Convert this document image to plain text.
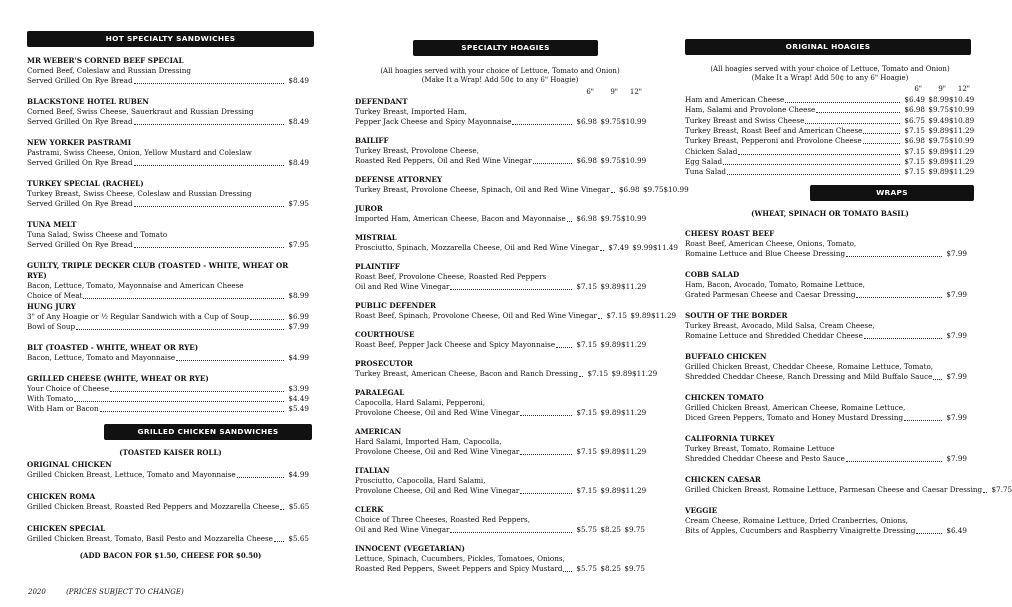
HOT SPECIALTY SANDWICHES
MR WEBER'S CORNED BEEF SPECIAL
Corned Beef, Coleslaw and Russian Dressing
Served Grilled On Rye Bread	$8.49
BLACKSTONE HOTEL RUBEN
Corned Beef, Swiss Cheese, Sauerkraut and Russian Dressing
Served Grilled On Rye Bread	$8.49
NEW YORKER PASTRAMI
Pastrami, Swiss Cheese, Onion, Yellow Mustard and Coleslaw
Served Grilled On Rye Bread	$8.49
TURKEY SPECIAL (RACHEL)
Turkey Breast, Swiss Cheese, Coleslaw and Russian Dressing
Served Grilled On Rye Bread	$7.95
TUNA MELT
Tuna Salad, Swiss Cheese and Tomato
Served Grilled On Rye Bread	$7.95
GUILTY, TRIPLE DECKER CLUB (TOASTED - WHITE, WHEAT OR RYE)
Bacon, Lettuce, Tomato, Mayonnaise and American Cheese
Choice of Meat	$8.99
HUNG JURY
3" of Any Hoagie or ½ Regular Sandwich with a Cup of Soup	$6.99
Bowl of Soup	$7.99
BLT (TOASTED - WHITE, WHEAT OR RYE)
Bacon, Lettuce, Tomato and Mayonnaise	$4.99
GRILLED CHEESE (WHITE, WHEAT OR RYE)
Your Choice of Cheese	$3.99
With Tomato	$4.49
With Ham or Bacon	$5.49
GRILLED CHICKEN SANDWICHES
(TOASTED KAISER ROLL)
ORIGINAL CHICKEN
Grilled Chicken Breast, Lettuce, Tomato and Mayonnaise	$4.99
CHICKEN ROMA
Grilled Chicken Breast, Roasted Red Peppers and Mozzarella Cheese	$5.65
CHICKEN SPECIAL
Grilled Chicken Breast, Tomato, Basil Pesto and Mozzarella Cheese	$5.65
(ADD BACON FOR $1.50, CHEESE FOR $0.50)
2020	(PRICES SUBJECT TO CHANGE)
SPECIALTY HOAGIES
(All hoagies served with your choice of Lettuce, Tomato and Onion)
(Make It a Wrap! Add 50¢ to any 6" Hoagie)
6" 9" 12"
DEFENDANT
Turkey Breast, Imported Ham,
Pepper Jack Cheese and Spicy Mayonnaise	$6.98 $9.75 $10.99
BAILIFF
Turkey Breast, Provolone Cheese,
Roasted Red Peppers, Oil and Red Wine Vinegar	$6.98 $9.75 $10.99
DEFENSE ATTORNEY
Turkey Breast, Provolone Cheese, Spinach, Oil and Red Wine Vinegar	$6.98 $9.75 $10.99
JUROR
Imported Ham, American Cheese, Bacon and Mayonnaise	$6.98 $9.75 $10.99
MISTRIAL
Prosciutto, Spinach, Mozzarella Cheese, Oil and Red Wine Vinegar	$7.49 $9.99 $11.49
PLAINTIFF
Roast Beef, Provolone Cheese, Roasted Red Peppers
Oil and Red Wine Vinegar	$7.15 $9.89 $11.29
PUBLIC DEFENDER
Roast Beef, Spinach, Provolone Cheese, Oil and Red Wine Vinegar	$7.15 $9.89 $11.29
COURTHOUSE
Roast Beef, Pepper Jack Cheese and Spicy Mayonnaise	$7.15 $9.89 $11.29
PROSECUTOR
Turkey Breast, American Cheese, Bacon and Ranch Dressing	$7.15 $9.89 $11.29
PARALEGAL
Capocolla, Hard Salami, Pepperoni,
Provolone Cheese, Oil and Red Wine Vinegar	$7.15 $9.89 $11.29
AMERICAN
Hard Salami, Imported Ham, Capocolla,
Provolone Cheese, Oil and Red Wine Vinegar	$7.15 $9.89 $11.29
ITALIAN
Prosciutto, Capocolla, Hard Salami,
Provolone Cheese, Oil and Red Wine Vinegar	$7.15 $9.89 $11.29
CLERK
Choice of Three Cheeses, Roasted Red Peppers,
Oil and Red Wine Vinegar	$5.75 $8.25 $9.75
INNOCENT (VEGETARIAN)
Lettuce, Spinach, Cucumbers, Pickles, Tomatoes, Onions,
Roasted Red Peppers, Sweet Peppers and Spicy Mustard	$5.75 $8.25 $9.75
ORIGINAL HOAGIES
(All hoagies served with your choice of Lettuce, Tomato and Onion)
(Make It a Wrap! Add 50¢ to any 6" Hoagie)
6" 9" 12"
Ham and American Cheese	$6.49 $8.99 $10.49
Ham, Salami and Provolone Cheese	$6.98 $9.75 $10.99
Turkey Breast and Swiss Cheese	$6.75 $9.49 $10.89
Turkey Breast, Roast Beef and American Cheese	$7.15 $9.89 $11.29
Turkey Breast, Pepperoni and Provolone Cheese	$6.98 $9.75 $10.99
Chicken Salad	$7.15 $9.89 $11.29
Egg Salad	$7.15 $9.89 $11.29
Tuna Salad	$7.15 $9.89 $11.29
WRAPS
(WHEAT, SPINACH OR TOMATO BASIL)
CHEESY ROAST BEEF
Roast Beef, American Cheese, Onions, Tomato,
Romaine Lettuce and Blue Cheese Dressing	$7.99
COBB SALAD
Ham, Bacon, Avocado, Tomato, Romaine Lettuce,
Grated Parmesan Cheese and Caesar Dressing	$7.99
SOUTH OF THE BORDER
Turkey Breast, Avocado, Mild Salsa, Cream Cheese,
Romaine Lettuce and Shredded Cheddar Cheese	$7.99
BUFFALO CHICKEN
Grilled Chicken Breast, Cheddar Cheese, Romaine Lettuce, Tomato,
Shredded Cheddar Cheese, Ranch Dressing and Mild Buffalo Sauce	$7.99
CHICKEN TOMATO
Grilled Chicken Breast, American Cheese, Romaine Lettuce,
Diced Green Peppers, Tomato and Honey Mustard Dressing	$7.99
CALIFORNIA TURKEY
Turkey Breast, Tomato, Romaine Lettuce
Shredded Cheddar Cheese and Pesto Sauce	$7.99
CHICKEN CAESAR
Grilled Chicken Breast, Romaine Lettuce, Parmesan Cheese and Caesar Dressing	$7.75
VEGGIE
Cream Cheese, Romaine Lettuce, Dried Cranberries, Onions,
Bits of Apples, Cucumbers and Raspberry Vinaigrette Dressing	$6.49
